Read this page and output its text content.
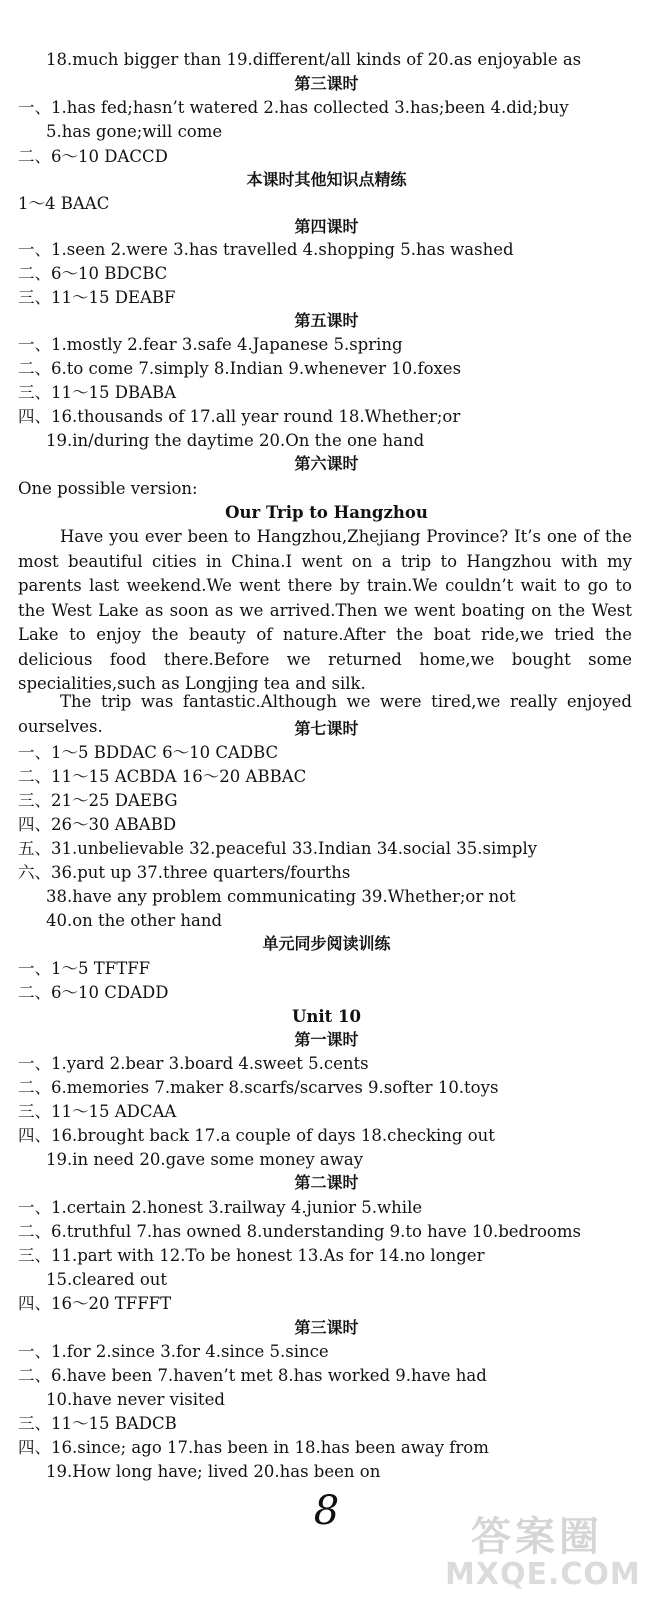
18.much bigger than 19.different/all kinds of 20.as enjoyable as
第三课时
一、1.has fed;hasn’t watered 2.has collected 3.has;been 4.did;buy
5.has gone;will come
二、6～10 DACCD
本课时其他知识点精练
1～4 BAAC
第四课时
一、1.seen 2.were 3.has travelled 4.shopping 5.has washed
二、6～10 BDCBC
三、11～15 DEABF
第五课时
一、1.mostly 2.fear 3.safe 4.Japanese 5.spring
二、6.to come 7.simply 8.Indian 9.whenever 10.foxes
三、11～15 DBABA
四、16.thousands of 17.all year round 18.Whether;or
19.in/during the daytime 20.On the one hand
第六课时
One possible version:
Our Trip to Hangzhou
Have you ever been to Hangzhou,Zhejiang Province? It’s one of the most beautiful cities in China.I went on a trip to Hangzhou with my parents last weekend.We went there by train.We couldn’t wait to go to the West Lake as soon as we arrived.Then we went boating on the West Lake to enjoy the beauty of nature.After the boat ride,we tried the delicious food there.Before we returned home,we bought some specialities,such as Longjing tea and silk.
The trip was fantastic.Although we were tired,we really enjoyed ourselves.	第七课时
一、1～5 BDDAC 6～10 CADBC
二、11～15 ACBDA 16～20 ABBAC
三、21～25 DAEBG
四、26～30 ABABD
五、31.unbelievable 32.peaceful 33.Indian 34.social 35.simply
六、36.put up 37.three quarters/fourths
38.have any problem communicating 39.Whether;or not
40.on the other hand
单元同步阅读训练
一、1～5 TFTFF
二、6～10 CDADD
Unit 10
第一课时
一、1.yard 2.bear 3.board 4.sweet 5.cents
二、6.memories 7.maker 8.scarfs/scarves 9.softer 10.toys
三、11～15 ADCAA
四、16.brought back 17.a couple of days 18.checking out
19.in need 20.gave some money away
第二课时
一、1.certain 2.honest 3.railway 4.junior 5.while
二、6.truthful 7.has owned 8.understanding 9.to have 10.bedrooms
三、11.part with 12.To be honest 13.As for 14.no longer
15.cleared out
四、16～20 TFFFT
第三课时
一、1.for 2.since 3.for 4.since 5.since
二、6.have been 7.haven’t met 8.has worked 9.have had
10.have never visited
三、11～15 BADCB
四、16.since; ago 17.has been in 18.has been away from
19.How long have; lived 20.has been on
8
答案圈
MXQE.COM
